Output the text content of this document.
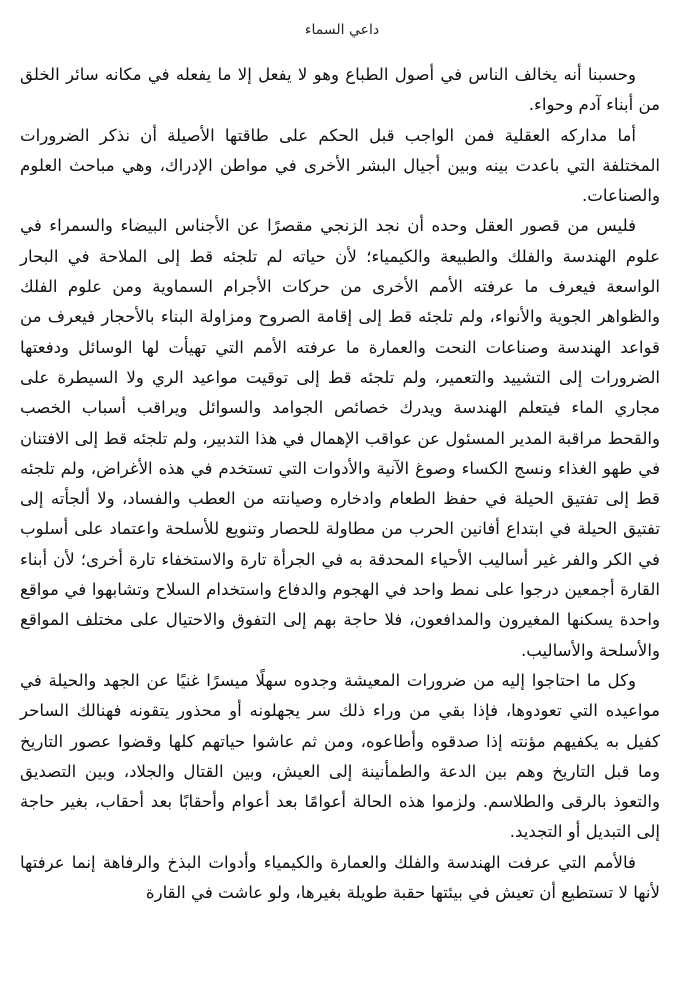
داعي السماء

وحسبنا أنه يخالف الناس في أصول الطباع وهو لا يفعل إلا ما يفعله في مكانه سائر الخلق من أبناء آدم وحواء.

أما مداركه العقلية فمن الواجب قبل الحكم على طاقتها الأصيلة أن نذكر الضرورات المختلفة التي باعدت بينه وبين أجيال البشر الأخرى في مواطن الإدراك، وهي مباحث العلوم والصناعات.

فليس من قصور العقل وحده أن نجد الزنجي مقصرًا عن الأجناس البيضاء والسمراء في علوم الهندسة والفلك والطبيعة والكيمياء؛ لأن حياته لم تلجئه قط إلى الملاحة في البحار الواسعة فيعرف ما عرفته الأمم الأخرى من حركات الأجرام السماوية ومن علوم الفلك والظواهر الجوية والأنواء، ولم تلجئه قط إلى إقامة الصروح ومزاولة البناء بالأحجار فيعرف من قواعد الهندسة وصناعات النحت والعمارة ما عرفته الأمم التي تهيأت لها الوسائل ودفعتها الضرورات إلى التشييد والتعمير، ولم تلجئه قط إلى توقيت مواعيد الري ولا السيطرة على مجاري الماء فيتعلم الهندسة ويدرك خصائص الجوامد والسوائل ويراقب أسباب الخصب والقحط مراقبة المدير المسئول عن عواقب الإهمال في هذا التدبير، ولم تلجئه قط إلى الافتنان في طهو الغذاء ونسج الكساء وصوغ الآنية والأدوات التي تستخدم في هذه الأغراض، ولم تلجئه قط إلى تفتيق الحيلة في حفظ الطعام وادخاره وصيانته من العطب والفساد، ولا ألجأته إلى تفتيق الحيلة في ابتداع أفانين الحرب من مطاولة للحصار وتنويع للأسلحة واعتماد على أسلوب في الكر والفر غير أساليب الأحياء المحدقة به في الجرأة تارة والاستخفاء تارة أخرى؛ لأن أبناء القارة أجمعين درجوا على نمط واحد في الهجوم والدفاع واستخدام السلاح وتشابهوا في مواقع واحدة يسكنها المغيرون والمدافعون، فلا حاجة بهم إلى التفوق والاحتيال على مختلف المواقع والأسلحة والأساليب.

وكل ما احتاجوا إليه من ضرورات المعيشة وجدوه سهلًا ميسرًا غنيًا عن الجهد والحيلة في مواعيده التي تعودوها، فإذا بقي من وراء ذلك سر يجهلونه أو محذور يتقونه فهنالك الساحر كفيل به يكفيهم مؤنته إذا صدقوه وأطاعوه، ومن ثم عاشوا حياتهم كلها وقضوا عصور التاريخ وما قبل التاريخ وهم بين الدعة والطمأنينة إلى العيش، وبين القتال والجلاد، وبين التصديق والتعوذ بالرقى والطلاسم. ولزموا هذه الحالة أعوامًا بعد أعوام وأحقابًا بعد أحقاب، بغير حاجة إلى التبديل أو التجديد.

فالأمم التي عرفت الهندسة والفلك والعمارة والكيمياء وأدوات البذخ والرفاهة إنما عرفتها لأنها لا تستطيع أن تعيش في بيئتها حقبة طويلة بغيرها، ولو عاشت في القارة
